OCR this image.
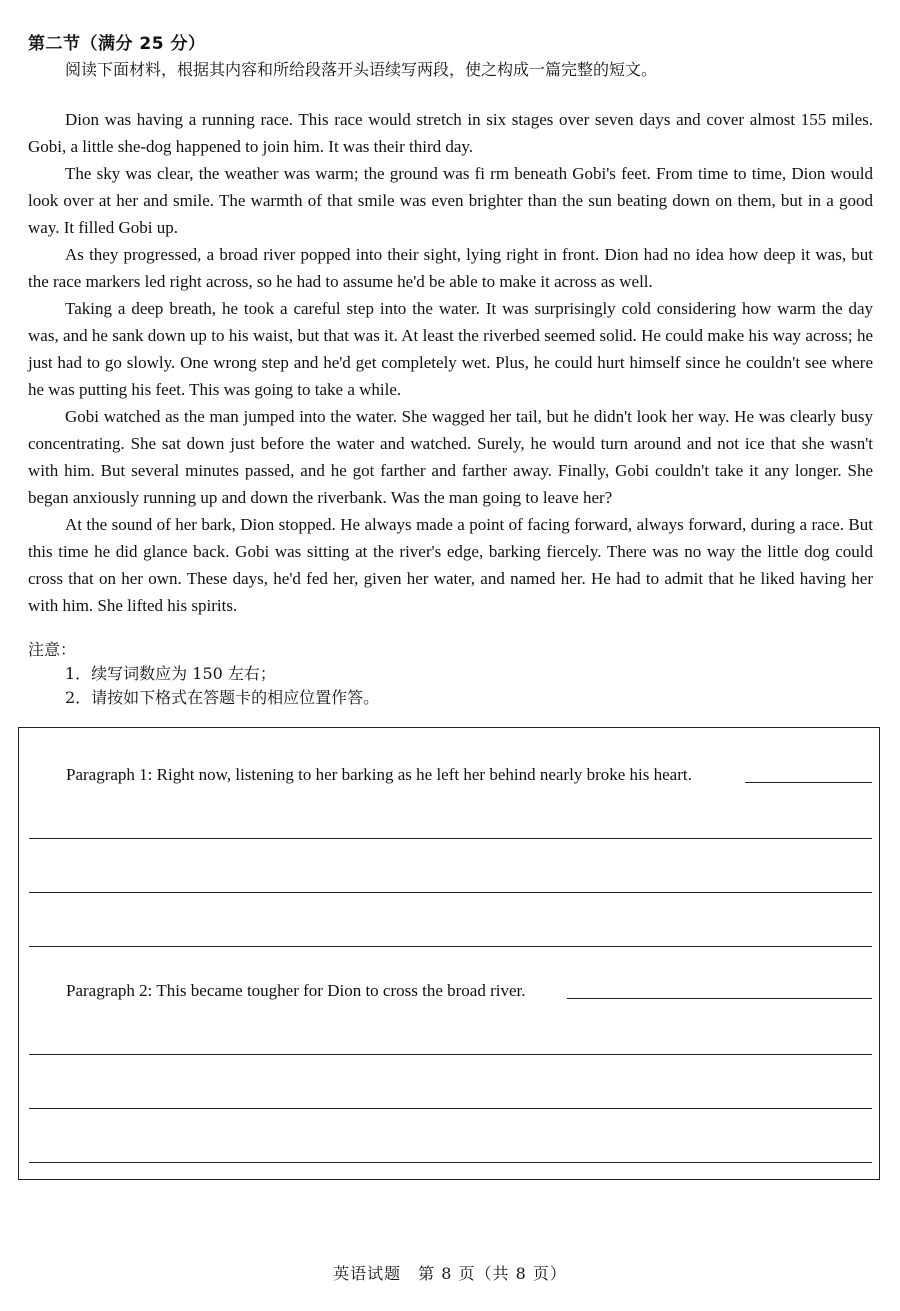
第二节（满分 25 分）
阅读下面材料，根据其内容和所给段落开头语续写两段，使之构成一篇完整的短文。

Dion was having a running race. This race would stretch in six stages over seven days and cover almost 155 miles. Gobi, a little she-dog happened to join him. It was their third day.

The sky was clear, the weather was warm; the ground was fi rm beneath Gobi's feet. From time to time, Dion would look over at her and smile. The warmth of that smile was even brighter than the sun beating down on them, but in a good way. It filled Gobi up.

As they progressed, a broad river popped into their sight, lying right in front. Dion had no idea how deep it was, but the race markers led right across, so he had to assume he'd be able to make it across as well.

Taking a deep breath, he took a careful step into the water. It was surprisingly cold considering how warm the day was, and he sank down up to his waist, but that was it. At least the riverbed seemed solid. He could make his way across; he just had to go slowly. One wrong step and he'd get completely wet. Plus, he could hurt himself since he couldn't see where he was putting his feet. This was going to take a while.

Gobi watched as the man jumped into the water. She wagged her tail, but he didn't look her way. He was clearly busy concentrating. She sat down just before the water and watched. Surely, he would turn around and not ice that she wasn't with him. But several minutes passed, and he got farther and farther away. Finally, Gobi couldn't take it any longer. She began anxiously running up and down the riverbank. Was the man going to leave her?

At the sound of her bark, Dion stopped. He always made a point of facing forward, always forward, during a race. But this time he did glance back. Gobi was sitting at the river's edge, barking fiercely. There was no way the little dog could cross that on her own. These days, he'd fed her, given her water, and named her. He had to admit that he liked having her with him. She lifted his spirits.

注意：
1．续写词数应为 150 左右；
2．请按如下格式在答题卡的相应位置作答。
Paragraph 1: Right now, listening to her barking as he left her behind nearly broke his heart.
Paragraph 2: This became tougher for Dion to cross the broad river.
英语试题　第 8 页（共 8 页）
